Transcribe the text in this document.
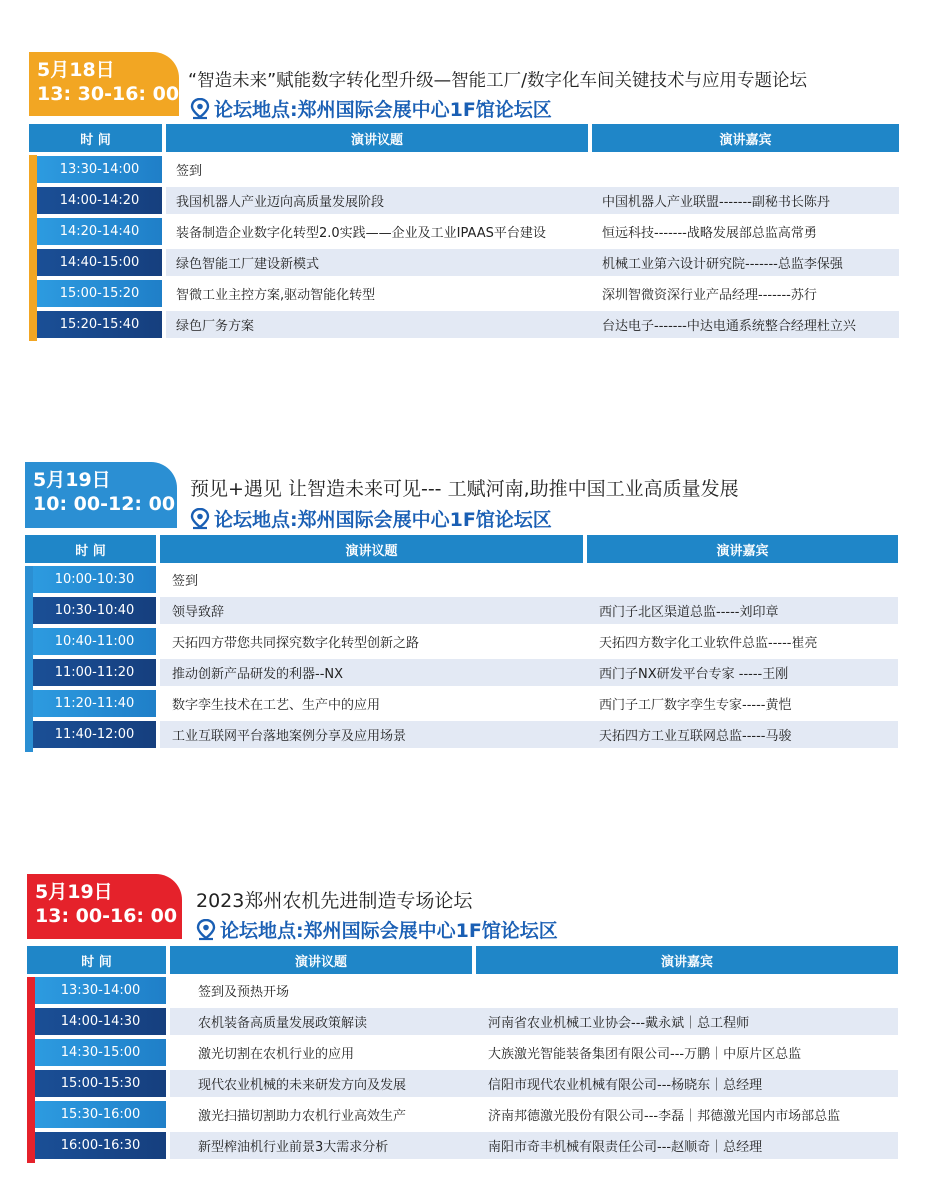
5月18日
13: 30-16: 00
“智造未来”赋能数字转化型升级—智能工厂/数字化车间关键技术与应用专题论坛
论坛地点:郑州国际会展中心1F馆论坛区
时 间	演讲议题	演讲嘉宾
13:30-14:00	签到
14:00-14:20	我国机器人产业迈向高质量发展阶段	中国机器人产业联盟-------副秘书长陈丹
14:20-14:40	装备制造企业数字化转型2.0实践——企业及工业IPAAS平台建设	恒远科技-------战略发展部总监高常勇
14:40-15:00	绿色智能工厂建设新模式	机械工业第六设计研究院-------总监李保强
15:00-15:20	智微工业主控方案,驱动智能化转型	深圳智微资深行业产品经理-------苏行
15:20-15:40	绿色厂务方案	台达电子-------中达电通系统整合经理杜立兴
5月19日
10: 00-12: 00
预见+遇见 让智造未来可见--- 工赋河南,助推中国工业高质量发展
论坛地点:郑州国际会展中心1F馆论坛区
时 间	演讲议题	演讲嘉宾
10:00-10:30	签到
10:30-10:40	领导致辞	西门子北区渠道总监-----刘印章
10:40-11:00	天拓四方带您共同探究数字化转型创新之路	天拓四方数字化工业软件总监-----崔亮
11:00-11:20	推动创新产品研发的利器--NX	西门子NX研发平台专家 -----王刚
11:20-11:40	数字孪生技术在工艺、生产中的应用	西门子工厂数字孪生专家-----黄恺
11:40-12:00	工业互联网平台落地案例分享及应用场景	天拓四方工业互联网总监-----马骏
5月19日
13: 00-16: 00
2023郑州农机先进制造专场论坛
论坛地点:郑州国际会展中心1F馆论坛区
时 间	演讲议题	演讲嘉宾
13:30-14:00	签到及预热开场
14:00-14:30	农机装备高质量发展政策解读	河南省农业机械工业协会---戴永斌｜总工程师
14:30-15:00	激光切割在农机行业的应用	大族激光智能装备集团有限公司---万鹏｜中原片区总监
15:00-15:30	现代农业机械的未来研发方向及发展	信阳市现代农业机械有限公司---杨晓东｜总经理
15:30-16:00	激光扫描切割助力农机行业高效生产	济南邦德激光股份有限公司---李磊｜邦德激光国内市场部总监
16:00-16:30	新型榨油机行业前景3大需求分析	南阳市奇丰机械有限责任公司---赵顺奇｜总经理
